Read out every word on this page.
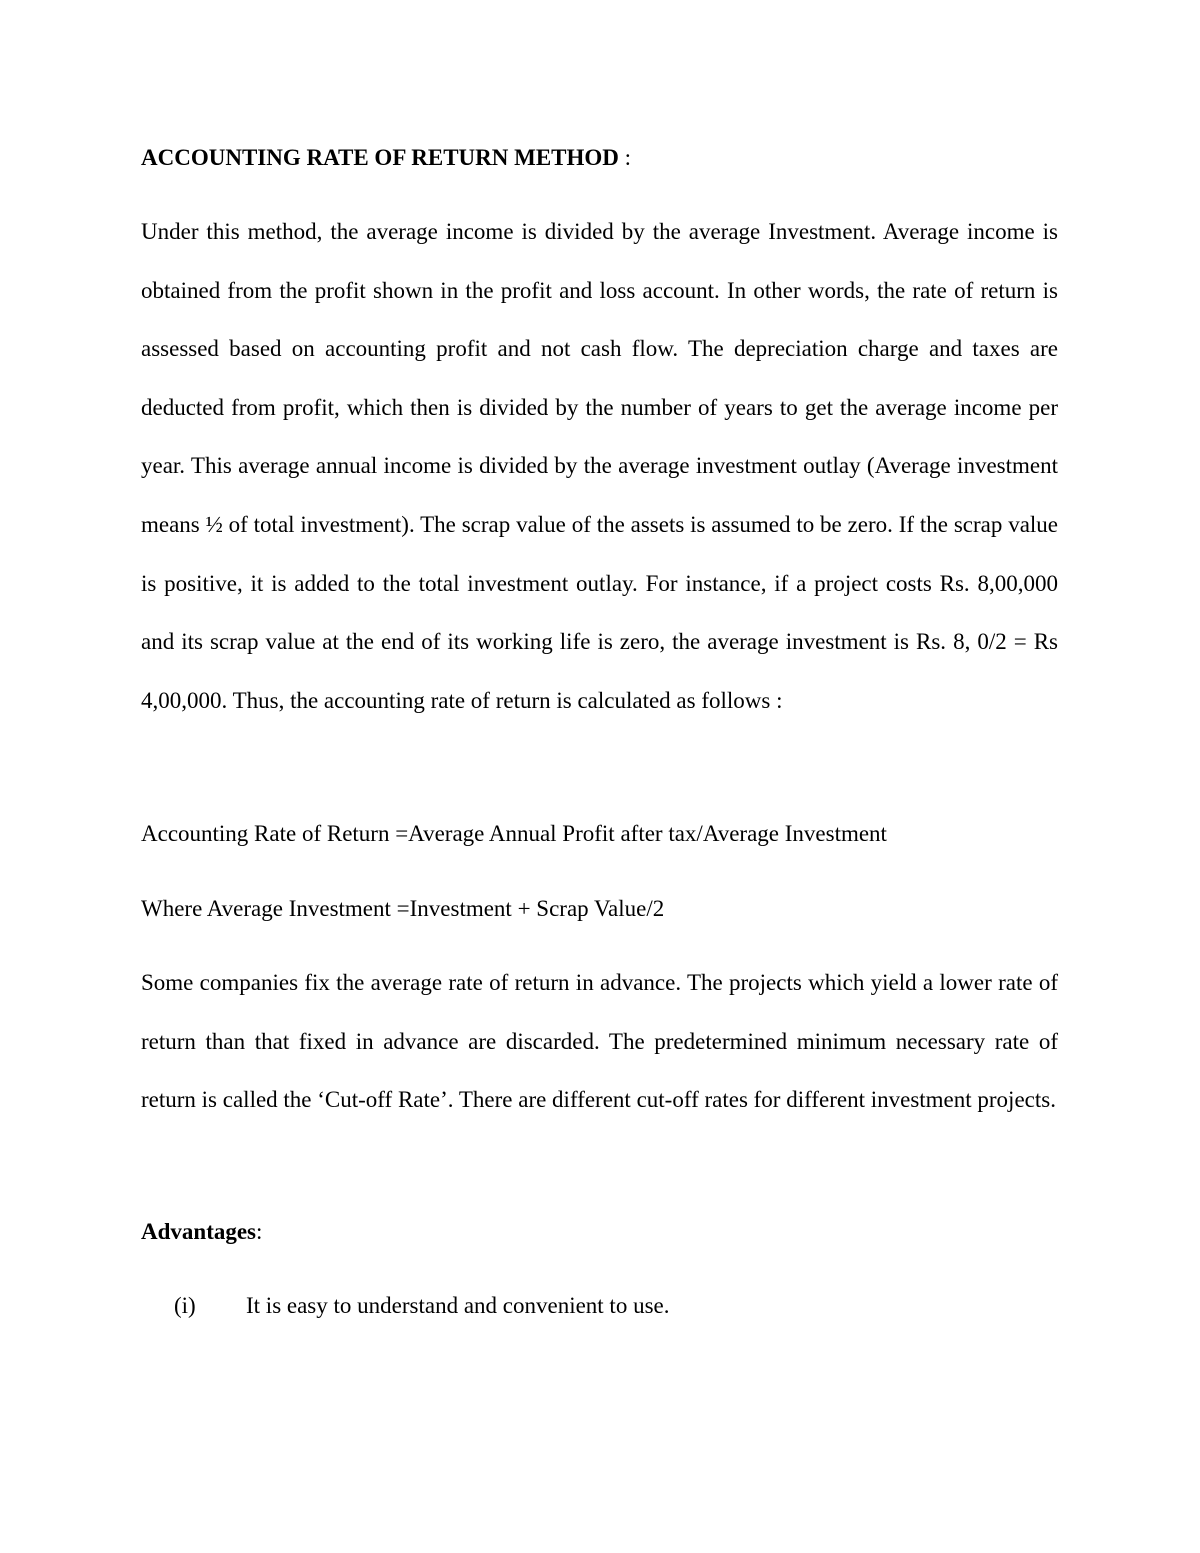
ACCOUNTING RATE OF RETURN METHOD :

Under this method, the average income is divided by the average Investment. Average income is obtained from the profit shown in the profit and loss account. In other words, the rate of return is assessed based on accounting profit and not cash flow. The depreciation charge and taxes are deducted from profit, which then is divided by the number of years to get the average income per year. This average annual income is divided by the average investment outlay (Average investment means ½ of total investment). The scrap value of the assets is assumed to be zero. If the scrap value is positive, it is added to the total investment outlay. For instance, if a project costs Rs. 8,00,000 and its scrap value at the end of its working life is zero, the average investment is Rs. 8, 0/2 = Rs 4,00,000. Thus, the accounting rate of return is calculated as follows :

Accounting Rate of Return =Average Annual Profit after tax/Average Investment
Where Average Investment =Investment + Scrap Value/2

Some companies fix the average rate of return in advance. The projects which yield a lower rate of return than that fixed in advance are discarded. The predetermined minimum necessary rate of return is called the ‘Cut-off Rate’. There are different cut-off rates for different investment projects.

Advantages:
(i) It is easy to understand and convenient to use.
